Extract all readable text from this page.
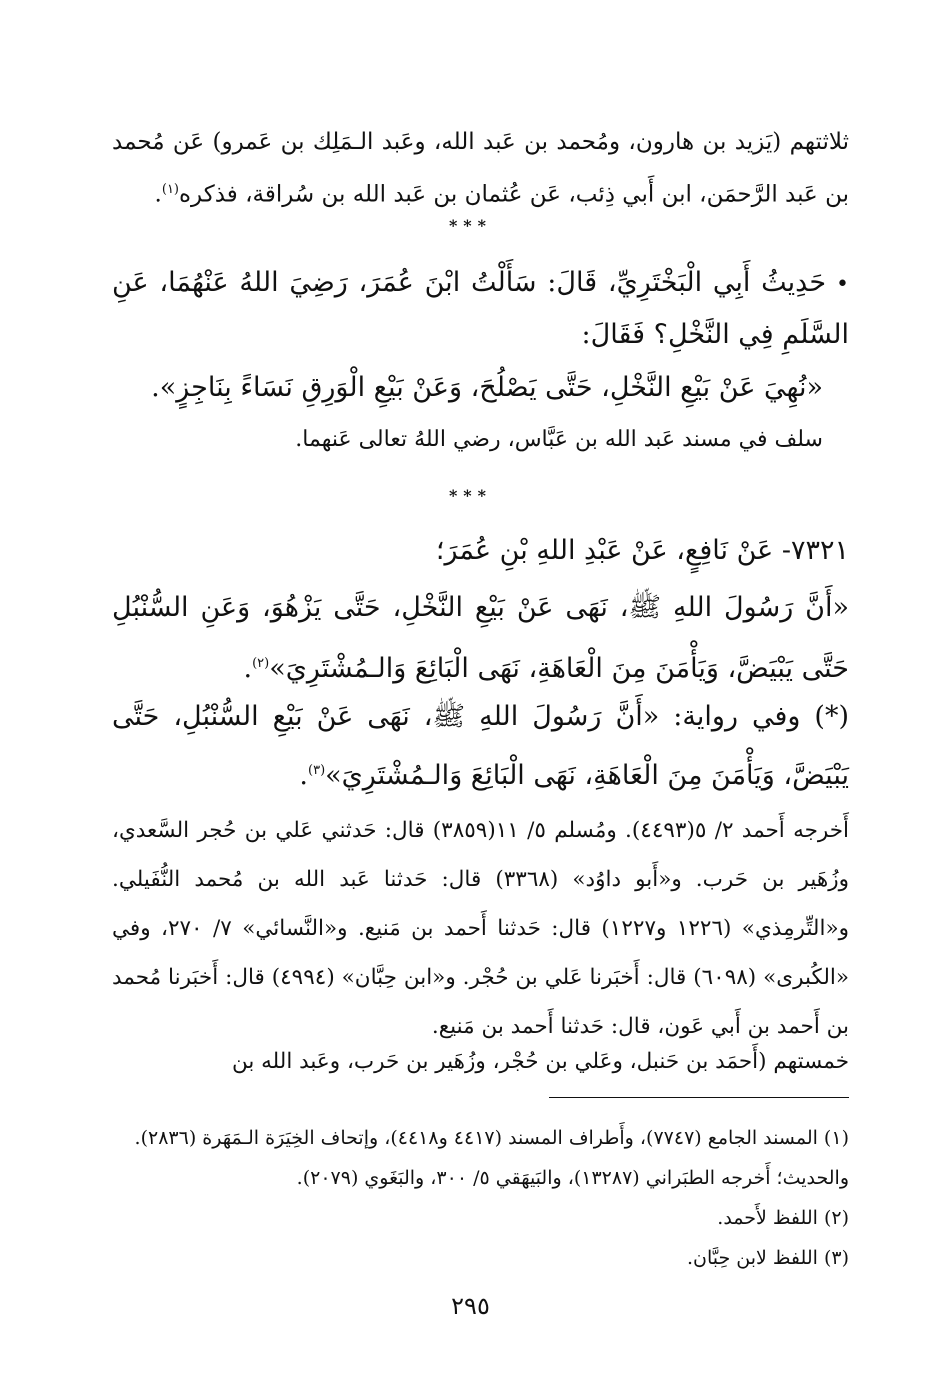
ثلاثتهم (يَزيد بن هارون، ومُحمد بن عَبد الله، وعَبد الـمَلِك بن عَمرو) عَن مُحمد بن عَبد الرَّحمَن، ابن أَبي ذِئب، عَن عُثمان بن عَبد الله بن سُراقة، فذكره$^{(١)}$.

***

•حَدِيثُ أَبِي الْبَخْتَرِيِّ، قَالَ: سَأَلْتُ ابْنَ عُمَرَ، رَضِيَ اللهُ عَنْهُمَا، عَنِ السَّلَمِ فِي النَّخْلِ؟ فَقَالَ:

«نُهِيَ عَنْ بَيْعِ النَّخْلِ، حَتَّى يَصْلُحَ، وَعَنْ بَيْعِ الْوَرِقِ نَسَاءً بِنَاجِزٍ».

سلف في مسند عَبد الله بن عَبَّاس، رضي اللهُ تعالى عَنهما.

***

٧٣٢١- عَنْ نَافِعٍ، عَنْ عَبْدِ اللهِ بْنِ عُمَرَ؛

«أَنَّ رَسُولَ اللهِ ﷺ، نَهَى عَنْ بَيْعِ النَّخْلِ، حَتَّى يَزْهُوَ، وَعَنِ السُّنْبُلِ حَتَّى يَبْيَضَّ، وَيَأْمَنَ مِنَ الْعَاهَةِ، نَهَى الْبَائِعَ وَالـمُشْتَرِيَ»$^{(٢)}$.

(*) وفي رواية: «أَنَّ رَسُولَ اللهِ ﷺ، نَهَى عَنْ بَيْعِ السُّنْبُلِ، حَتَّى يَبْيَضَّ، وَيَأْمَنَ مِنَ الْعَاهَةِ، نَهَى الْبَائِعَ وَالـمُشْتَرِيَ»$^{(٣)}$.

أَخرجه أَحمد ٢/ ٥(٤٤٩٣). ومُسلم ٥/ ١١(٣٨٥٩) قال: حَدثني عَلي بن حُجر السَّعدي، وزُهَير بن حَرب. و«أَبو داوُد» (٣٣٦٨) قال: حَدثنا عَبد الله بن مُحمد النُّفَيلي. و«التِّرمِذي» (١٢٢٦ و١٢٢٧) قال: حَدثنا أَحمد بن مَنيع. و«النَّسائي» ٧/ ٢٧٠، وفي «الكُبرى» (٦٠٩٨) قال: أَخبَرنا عَلي بن حُجْر. و«ابن حِبَّان» (٤٩٩٤) قال: أَخبَرنا مُحمد بن أَحمد بن أَبي عَون، قال: حَدثنا أَحمد بن مَنيع.

خمستهم (أَحمَد بن حَنبل، وعَلي بن حُجْر، وزُهَير بن حَرب، وعَبد الله بن

(١) المسند الجامع (٧٧٤٧)، وأَطراف المسند (٤٤١٧ و٤٤١٨)، وإتحاف الخِيَرَة الـمَهَرة (٢٨٣٦).

والحديث؛ أَخرجه الطبَراني (١٣٢٨٧)، والبَيهَقي ٥/ ٣٠٠، والبَغَوي (٢٠٧٩).

(٢) اللفظ لأَحمد.

(٣) اللفظ لابن حِبَّان.

٢٩٥
